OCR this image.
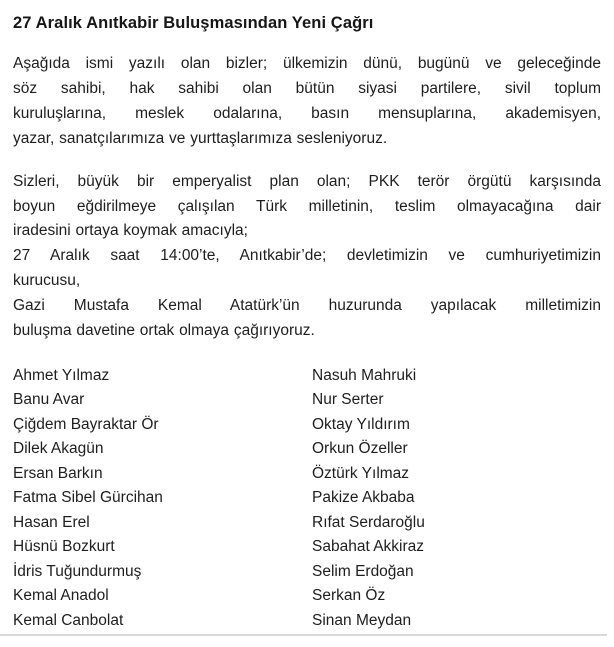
27 Aralık Anıtkabir Buluşmasından Yeni Çağrı
Aşağıda ismi yazılı olan bizler; ülkemizin dünü, bugünü ve geleceğinde
söz sahibi, hak sahibi olan bütün siyasi partilere, sivil toplum
kuruluşlarına, meslek odalarına, basın mensuplarına, akademisyen,
yazar, sanatçılarımıza ve yurttaşlarımıza sesleniyoruz.
Sizleri, büyük bir emperyalist plan olan; PKK terör örgütü karşısında
boyun eğdirilmeye çalışılan Türk milletinin, teslim olmayacağına dair
iradesini ortaya koymak amacıyla;
27 Aralık saat 14:00’te, Anıtkabir’de; devletimizin ve cumhuriyetimizin
kurucusu,
Gazi Mustafa Kemal Atatürk’ün huzurunda yapılacak milletimizin
buluşma davetine ortak olmaya çağırıyoruz.
Ahmet Yılmaz
Banu Avar
Çiğdem Bayraktar Ör
Dilek Akagün
Ersan Barkın
Fatma Sibel Gürcihan
Hasan Erel
Hüsnü Bozkurt
İdris Tuğundurmuş
Kemal Anadol
Kemal Canbolat
Nasuh Mahruki
Nur Serter
Oktay Yıldırım
Orkun Özeller
Öztürk Yılmaz
Pakize Akbaba
Rıfat Serdaroğlu
Sabahat Akkiraz
Selim Erdoğan
Serkan Öz
Sinan Meydan
